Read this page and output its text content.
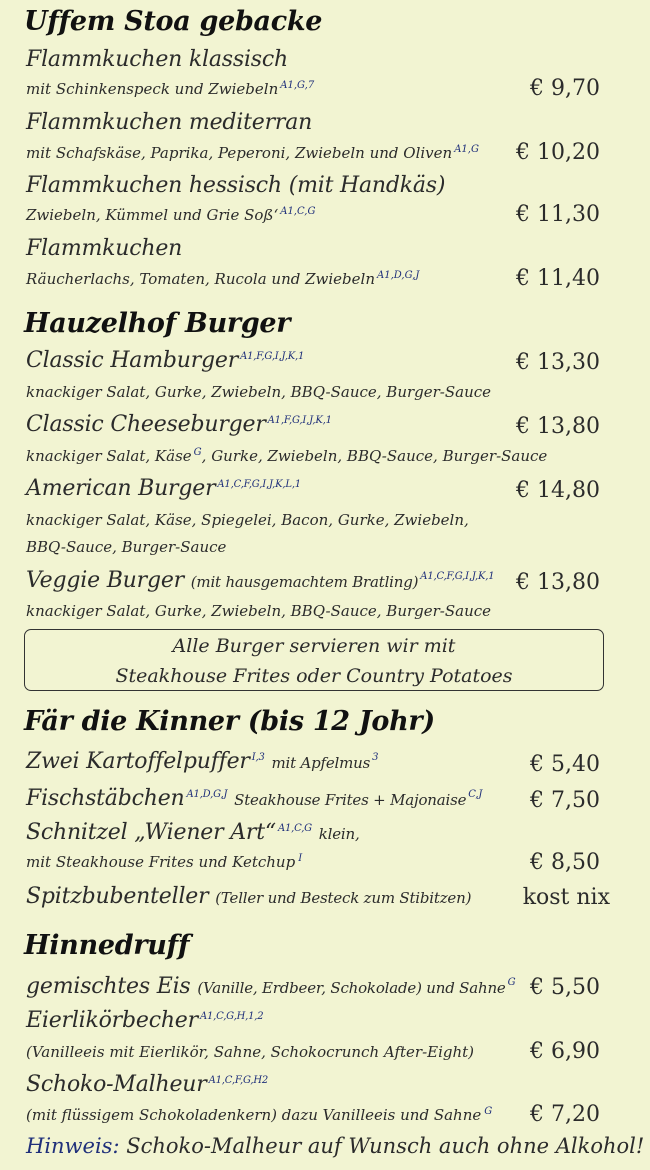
Uffem Stoa gebacke
Flammkuchen klassisch
mit Schinkenspeck und Zwiebeln $^{A1,G,7}$	€ 9,70
Flammkuchen mediterran
mit Schafskäse, Paprika, Peperoni, Zwiebeln und Oliven $^{A1,G}$ € 10,20
Flammkuchen hessisch (mit Handkäs)
Zwiebeln, Kümmel und Grie Soß‘ $^{A1,C,G}$	€ 11,30
Flammkuchen
Räucherlachs, Tomaten, Rucola und Zwiebeln $^{A1,D,G,J}$	€ 11,40
Hauzelhof Burger
Classic Hamburger $^{A1,F,G,I,J,K,1}$	€ 13,30
knackiger Salat, Gurke, Zwiebeln, BBQ-Sauce, Burger-Sauce
Classic Cheeseburger $^{A1,F,G,I,J,K,1}$	€ 13,80
knackiger Salat, Käse $^G$, Gurke, Zwiebeln, BBQ-Sauce, Burger-Sauce
American Burger $^{A1,C,F,G,I,J,K,L,1}$	€ 14,80
knackiger Salat, Käse, Spiegelei, Bacon, Gurke, Zwiebeln,
BBQ-Sauce, Burger-Sauce
Veggie Burger (mit hausgemachtem Bratling) $^{A1,C,F,G,I,J,K,1}$ € 13,80
knackiger Salat, Gurke, Zwiebeln, BBQ-Sauce, Burger-Sauce
Alle Burger servieren wir mit
Steakhouse Frites oder Country Potatoes
Fär die Kinner (bis 12 Johr)
Zwei Kartoffelpuffer $^{I,3}$ mit Apfelmus $^3$	€ 5,40
Fischstäbchen $^{A1,D,G,J}$ Steakhouse Frites + Majonaise $^{C,J}$ € 7,50
Schnitzel „Wiener Art“ $^{A1,C,G}$ klein,
mit Steakhouse Frites und Ketchup $^I$	€ 8,50
Spitzbubenteller (Teller und Besteck zum Stibitzen) kost nix
Hinnedruff
gemischtes Eis (Vanille, Erdbeer, Schokolade) und Sahne $^G$ € 5,50
Eierlikörbecher $^{A1,C,G,H,1,2}$
(Vanilleeis mit Eierlikör, Sahne, Schokocrunch After-Eight)	€ 6,90
Schoko-Malheur $^{A1,C,F,G,H2}$
(mit flüssigem Schokoladenkern) dazu Vanilleeis und Sahne $^G$ € 7,20
Hinweis: Schoko-Malheur auf Wunsch auch ohne Alkohol!
